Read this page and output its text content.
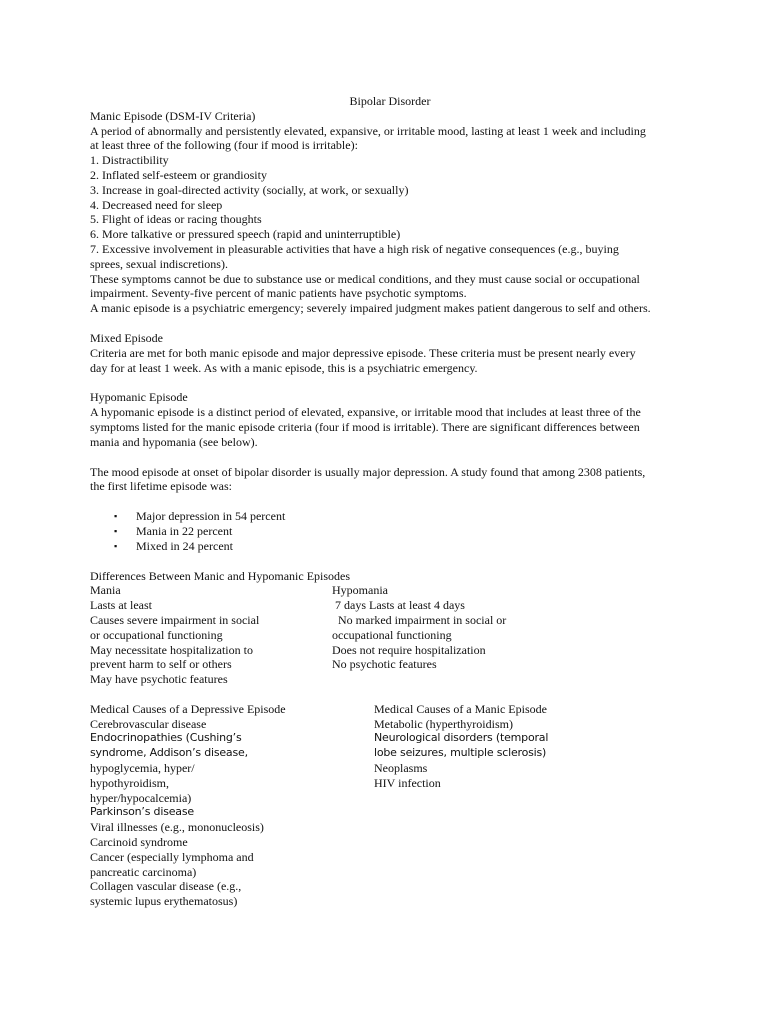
Bipolar Disorder

Manic Episode (DSM-IV Criteria)

A period of abnormally and persistently elevated, expansive, or irritable mood, lasting at least 1 week and including

at least three of the following (four if mood is irritable):

1. Distractibility

2. Inflated self-esteem or grandiosity

3. Increase in goal-directed activity (socially, at work, or sexually)

4. Decreased need for sleep

5. Flight of ideas or racing thoughts

6. More talkative or pressured speech (rapid and uninterruptible)

7. Excessive involvement in pleasurable activities that have a high risk of negative consequences (e.g., buying

sprees, sexual indiscretions).

These symptoms cannot be due to substance use or medical conditions, and they must cause social or occupational

impairment. Seventy-five percent of manic patients have psychotic symptoms.

A manic episode is a psychiatric emergency; severely impaired judgment makes patient dangerous to self and others.

Mixed Episode

Criteria are met for both manic episode and major depressive episode. These criteria must be present nearly every

day for at least 1 week. As with a manic episode, this is a psychiatric emergency.

Hypomanic Episode

A hypomanic episode is a distinct period of elevated, expansive, or irritable mood that includes at least three of the

symptoms listed for the manic episode criteria (four if mood is irritable). There are significant differences between

mania and hypomania (see below).

The mood episode at onset of bipolar disorder is usually major depression. A study found that among 2308 patients,

the first lifetime episode was:

▪ Major depression in 54 percent
▪ Mania in 22 percent
▪ Mixed in 24 percent

Differences Between Manic and Hypomanic Episodes

Mania	Hypomania
Lasts at least	7 days Lasts at least 4 days
Causes severe impairment in social	No marked impairment in social or
or occupational functioning	occupational functioning
May necessitate hospitalization to	Does not require hospitalization
prevent harm to self or others	No psychotic features
May have psychotic features

Medical Causes of a Depressive Episode

Cerebrovascular disease

Endocrinopathies (Cushing’s

syndrome, Addison’s disease,

hypoglycemia, hyper/

hypothyroidism,

hyper/hypocalcemia)

Parkinson’s disease

Viral illnesses (e.g., mononucleosis)

Carcinoid syndrome

Cancer (especially lymphoma and

pancreatic carcinoma)

Collagen vascular disease (e.g.,

systemic lupus erythematosus)

Medical Causes of a Manic Episode

Metabolic (hyperthyroidism)

Neurological disorders (temporal

lobe seizures, multiple sclerosis)

Neoplasms

HIV infection
